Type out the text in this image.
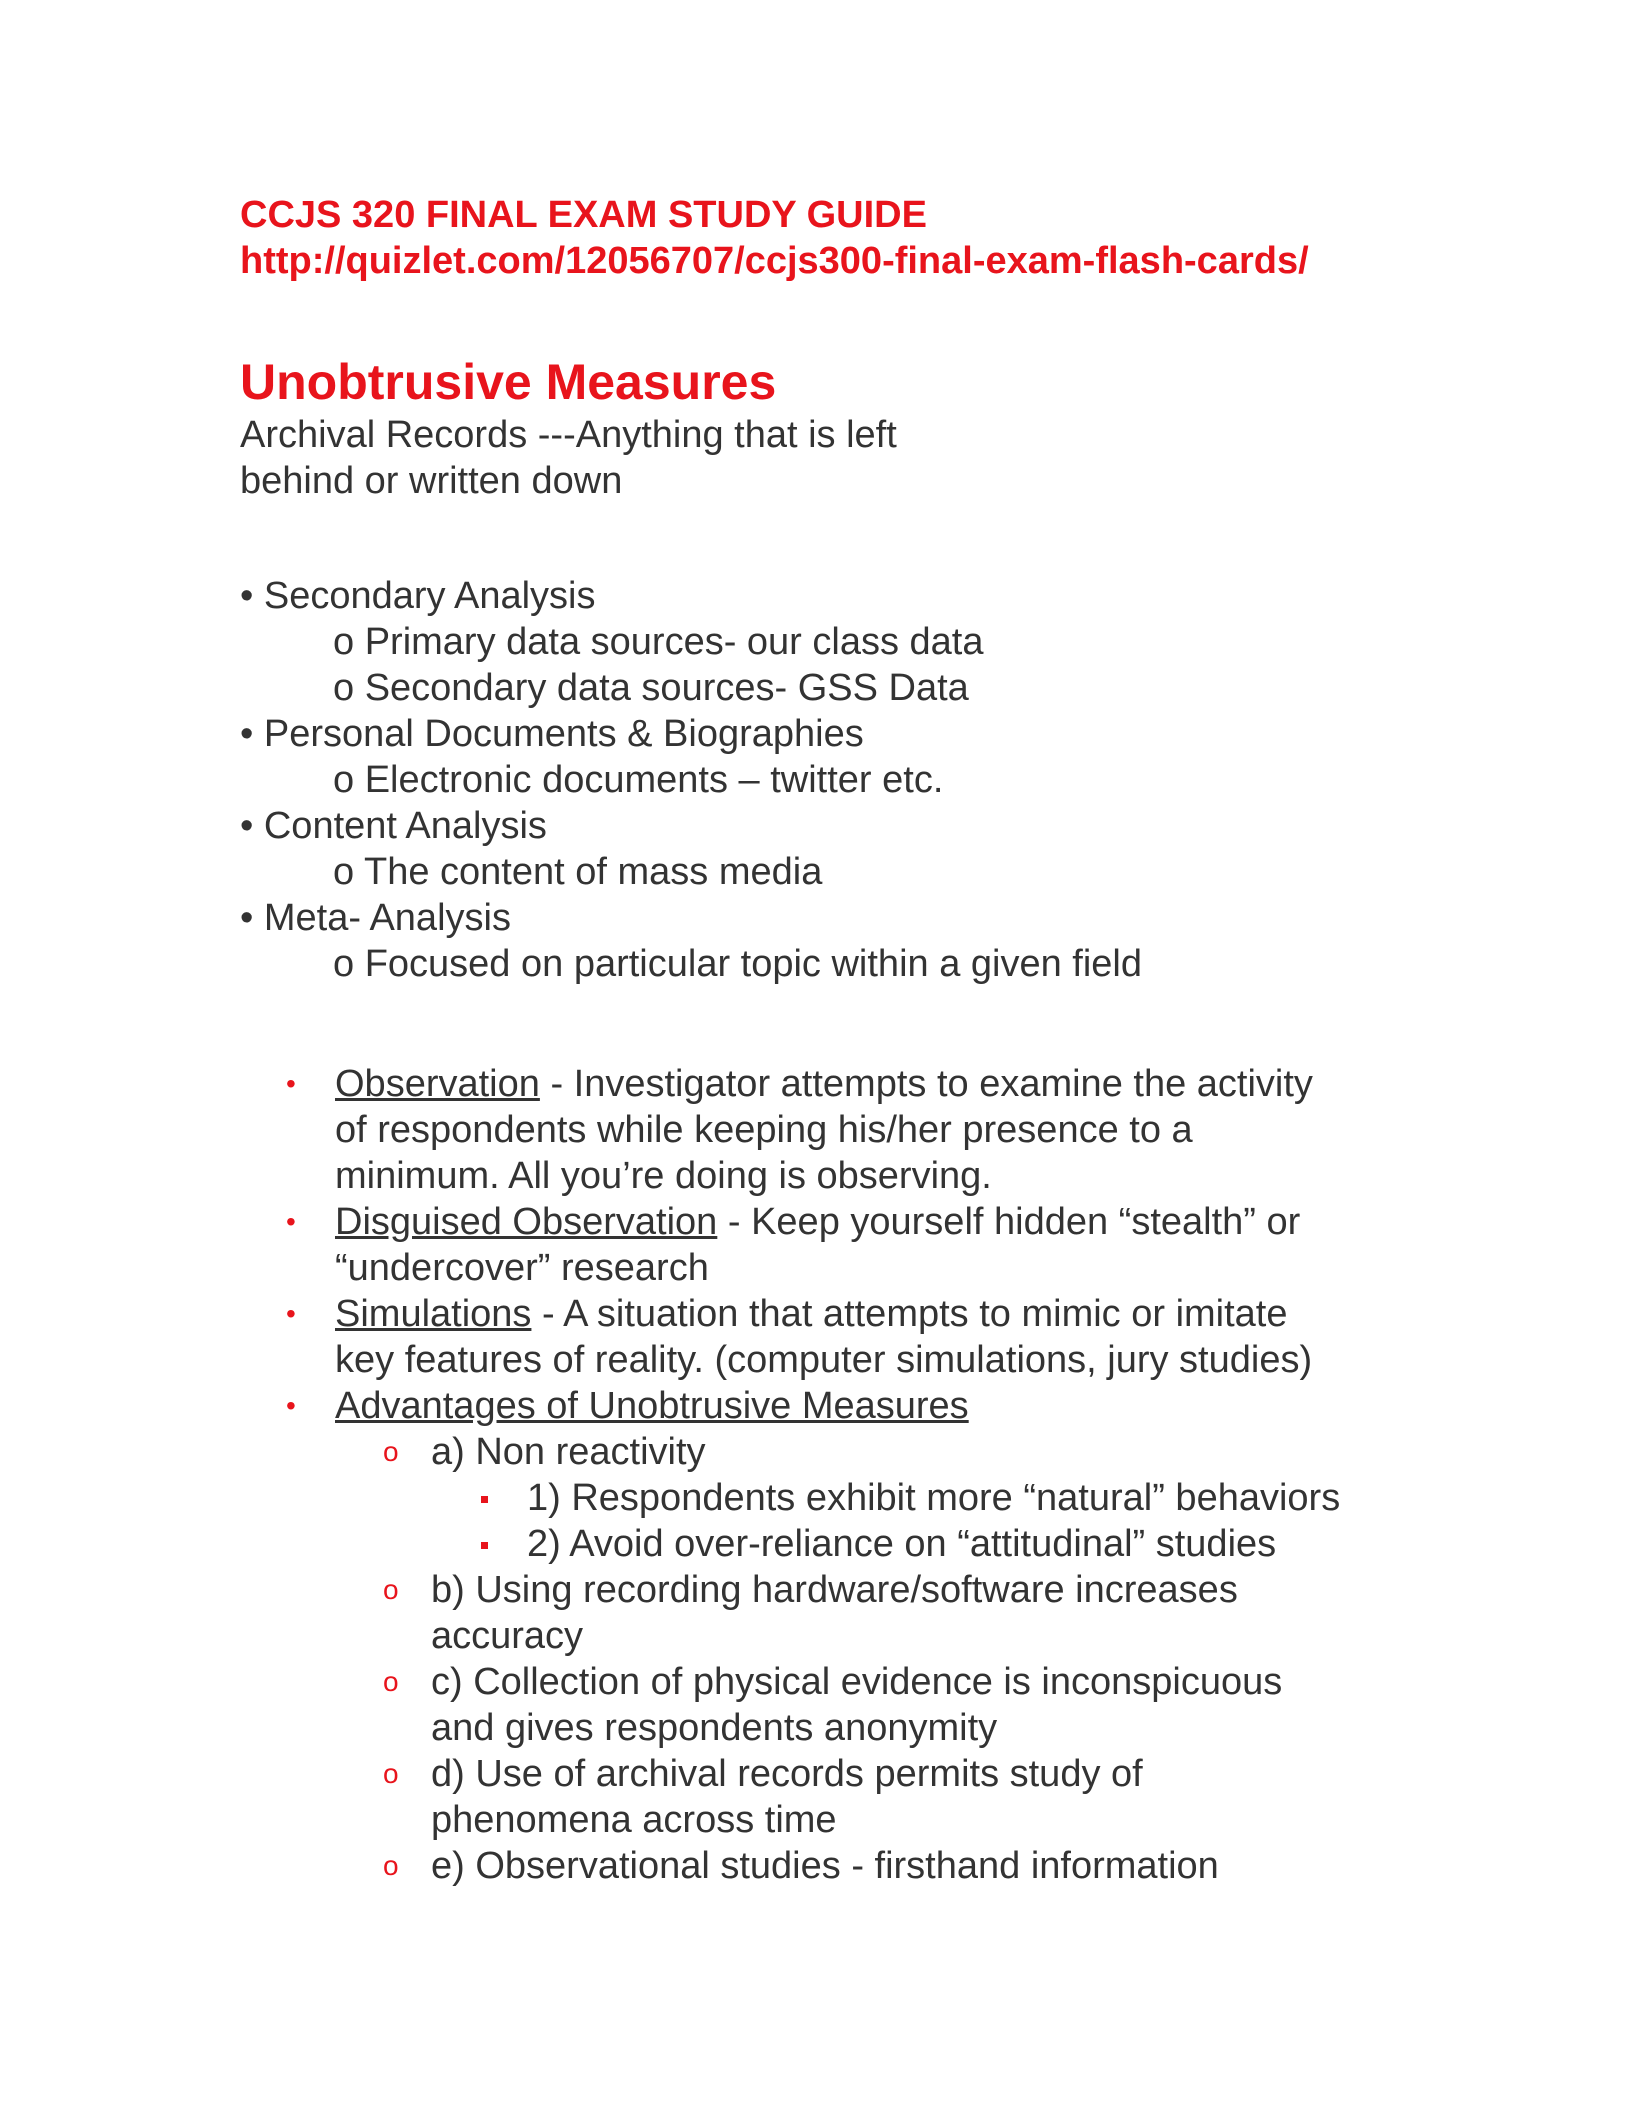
CCJS 320 FINAL EXAM STUDY GUIDE
http://quizlet.com/12056707/ccjs300-final-exam-flash-cards/
Unobtrusive Measures
Archival Records ---Anything that is left
behind or written down
• Secondary Analysis
o Primary data sources- our class data
o Secondary data sources- GSS Data
• Personal Documents & Biographies
o Electronic documents – twitter etc.
• Content Analysis
o The content of mass media
• Meta- Analysis
o Focused on particular topic within a given field
• Observation - Investigator attempts to examine the activity
of respondents while keeping his/her presence to a
minimum. All you’re doing is observing.
• Disguised Observation - Keep yourself hidden “stealth” or
“undercover” research
• Simulations - A situation that attempts to mimic or imitate
key features of reality. (computer simulations, jury studies)
• Advantages of Unobtrusive Measures
o a) Non reactivity
1) Respondents exhibit more “natural” behaviors
2) Avoid over-reliance on “attitudinal” studies
o b) Using recording hardware/software increases
accuracy
o c) Collection of physical evidence is inconspicuous
and gives respondents anonymity
o d) Use of archival records permits study of
phenomena across time
o e) Observational studies - firsthand information
